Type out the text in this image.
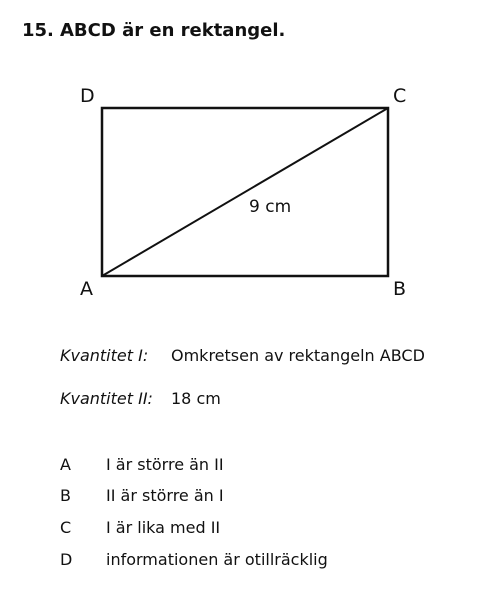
15. ABCD är en rektangel.
D	C
A	B
9 cm
Kvantitet I: Omkretsen av rektangeln ABCD
Kvantitet II: 18 cm
A I är större än II
B II är större än I
C I är lika med II
D informationen är otillräcklig
